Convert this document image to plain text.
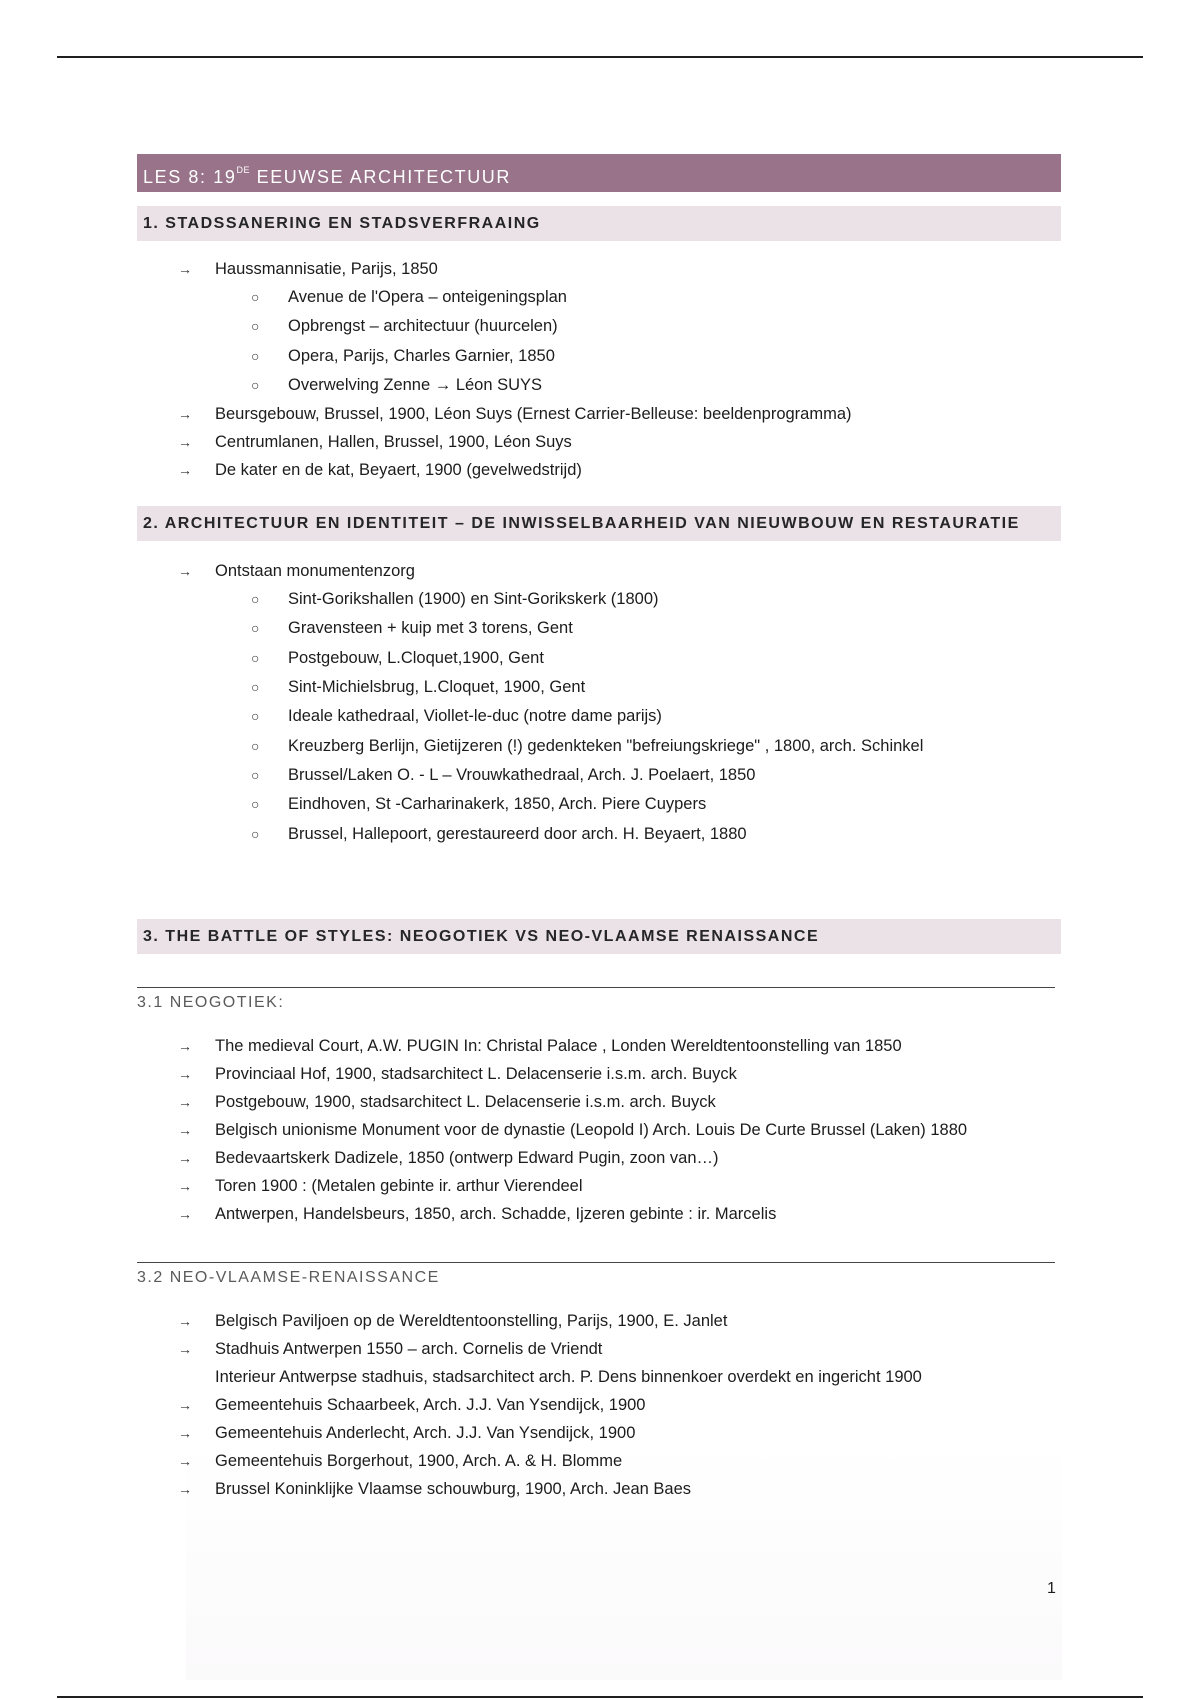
LES 8: 19DE EEUWSE ARCHITECTUUR
1. STADSSANERING EN STADSVERFRAAING
→ Haussmannisatie, Parijs, 1850
○ Avenue de l'Opera – onteigeningsplan
○ Opbrengst – architectuur (huurcelen)
○ Opera, Parijs, Charles Garnier, 1850
○ Overwelving Zenne → Léon SUYS
→ Beursgebouw, Brussel, 1900, Léon Suys (Ernest Carrier-Belleuse: beeldenprogramma)
→ Centrumlanen, Hallen, Brussel, 1900, Léon Suys
→ De kater en de kat, Beyaert, 1900 (gevelwedstrijd)
2. ARCHITECTUUR EN IDENTITEIT – DE INWISSELBAARHEID VAN NIEUWBOUW EN RESTAURATIE
→ Ontstaan monumentenzorg
○ Sint-Gorikshallen (1900) en Sint-Gorikskerk (1800)
○ Gravensteen + kuip met 3 torens, Gent
○ Postgebouw, L.Cloquet,1900, Gent
○ Sint-Michielsbrug, L.Cloquet, 1900, Gent
○ Ideale kathedraal, Viollet-le-duc (notre dame parijs)
○ Kreuzberg Berlijn, Gietijzeren (!) gedenkteken "befreiungskriege" , 1800, arch. Schinkel
○ Brussel/Laken O. - L – Vrouwkathedraal, Arch. J. Poelaert, 1850
○ Eindhoven, St -Carharinakerk, 1850, Arch. Piere Cuypers
○ Brussel, Hallepoort, gerestaureerd door arch. H. Beyaert, 1880
3. THE BATTLE OF STYLES: NEOGOTIEK VS NEO-VLAAMSE RENAISSANCE
3.1 NEOGOTIEK:
→ The medieval Court, A.W. PUGIN In: Christal Palace , Londen Wereldtentoonstelling van 1850
→ Provinciaal Hof, 1900, stadsarchitect L. Delacenserie i.s.m. arch. Buyck
→ Postgebouw, 1900, stadsarchitect L. Delacenserie i.s.m. arch. Buyck
→ Belgisch unionisme Monument voor de dynastie (Leopold I) Arch. Louis De Curte Brussel (Laken) 1880
→ Bedevaartskerk Dadizele, 1850 (ontwerp Edward Pugin, zoon van…)
→ Toren 1900 : (Metalen gebinte ir. arthur Vierendeel
→ Antwerpen, Handelsbeurs, 1850, arch. Schadde, Ijzeren gebinte : ir. Marcelis
3.2 NEO-VLAAMSE-RENAISSANCE
→ Belgisch Paviljoen op de Wereldtentoonstelling, Parijs, 1900, E. Janlet
→ Stadhuis Antwerpen 1550 – arch. Cornelis de Vriendt
Interieur Antwerpse stadhuis, stadsarchitect arch. P. Dens binnenkoer overdekt en ingericht 1900
→ Gemeentehuis Schaarbeek, Arch. J.J. Van Ysendijck, 1900
→ Gemeentehuis Anderlecht, Arch. J.J. Van Ysendijck, 1900
→ Gemeentehuis Borgerhout, 1900, Arch. A. & H. Blomme
→ Brussel Koninklijke Vlaamse schouwburg, 1900, Arch. Jean Baes
1
